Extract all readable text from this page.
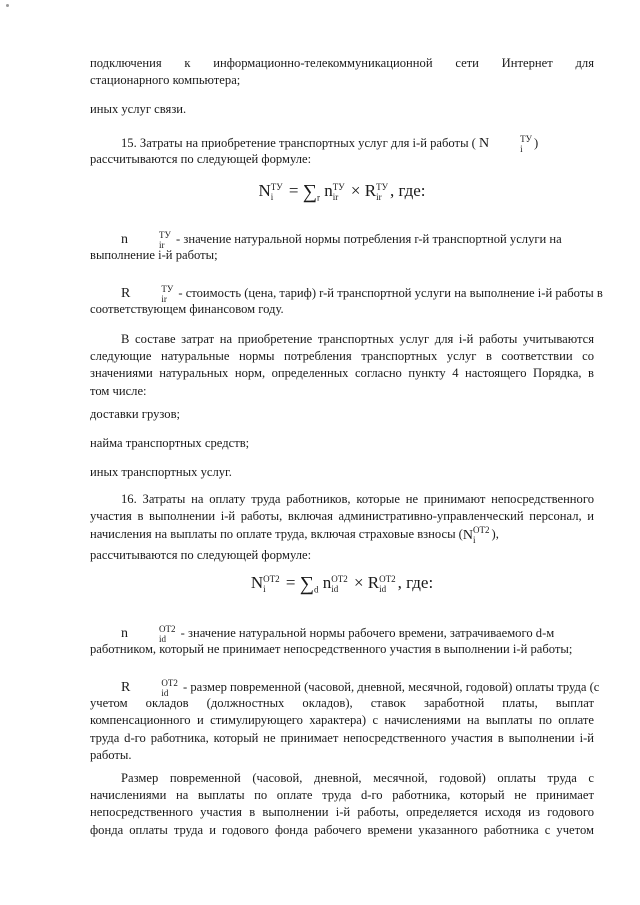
подключения к информационно-телекоммуникационной сети Интернет для
стационарного компьютера;
иных услуг связи.
15. Затраты на приобретение транспортных услуг для i-й работы ( N	ТУ
i )
рассчитываются по следующей формуле:
N ТУ
$i = \sum_r$ n ТУ
ir × R ТУ
ir , где:
n	ТУ
ir - значение натуральной нормы потребления r-й транспортной услуги на
выполнение i-й работы;
R	ТУ
ir - стоимость (цена, тариф) r-й транспортной услуги на выполнение i-й работы в
соответствующем финансовом году.
В составе затрат на приобретение транспортных услуг для i-й работы учитываются
следующие натуральные нормы потребления транспортных услуг в соответствии со
значениями натуральных норм, определенных согласно пункту 4 настоящего Порядка, в
том числе:
доставки грузов;
найма транспортных средств;
иных транспортных услуг.
16. Затраты на оплату труда работников, которые не принимают непосредственного
участия в выполнении i-й работы, включая административно-управленческий персонал, и
начисления на выплаты по оплате труда, включая страховые взносы (N ОТ2
i	),
рассчитываются по следующей формуле:
N ОТ2
i	= $\sum_d$ n ОТ2
id × R ОТ2
id , где:
n	ОТ2
id - значение натуральной нормы рабочего времени, затрачиваемого d-м
работником, который не принимает непосредственного участия в выполнении i-й работы;
R	ОТ2
id - размер повременной (часовой, дневной, месячной, годовой) оплаты труда (с
учетом окладов (должностных окладов), ставок заработной платы, выплат
компенсационного и стимулирующего характера) с начислениями на выплаты по оплате
труда d-го работника, который не принимает непосредственного участия в выполнении i-й
работы.
Размер повременной (часовой, дневной, месячной, годовой) оплаты труда с
начислениями на выплаты по оплате труда d-го работника, который не принимает
непосредственного участия в выполнении i-й работы, определяется исходя из годового
фонда оплаты труда и годового фонда рабочего времени указанного работника с учетом
